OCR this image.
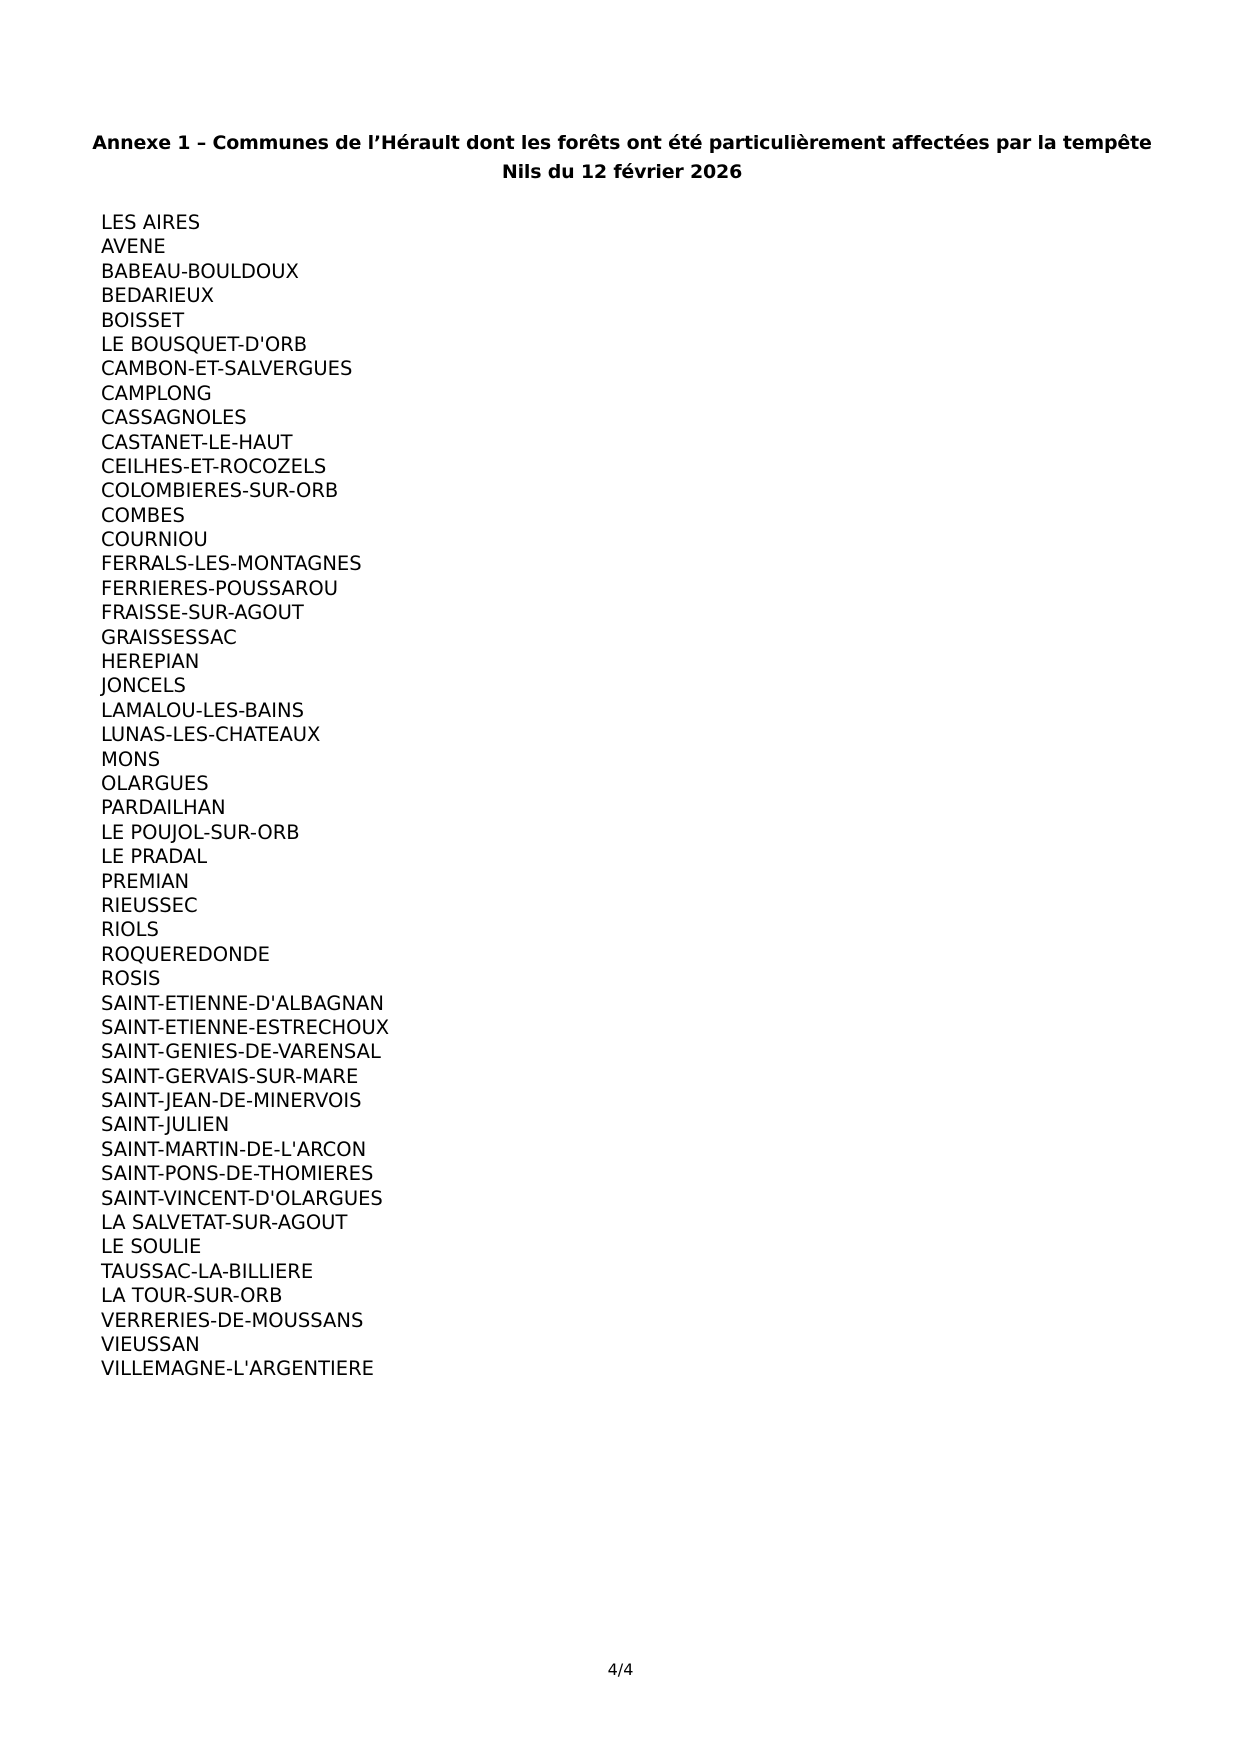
Annexe 1 – Communes de l’Hérault dont les forêts ont été particulièrement affectées par la tempête
Nils du 12 février 2026
LES AIRES
AVENE
BABEAU-BOULDOUX
BEDARIEUX
BOISSET
LE BOUSQUET-D'ORB
CAMBON-ET-SALVERGUES
CAMPLONG
CASSAGNOLES
CASTANET-LE-HAUT
CEILHES-ET-ROCOZELS
COLOMBIERES-SUR-ORB
COMBES
COURNIOU
FERRALS-LES-MONTAGNES
FERRIERES-POUSSAROU
FRAISSE-SUR-AGOUT
GRAISSESSAC
HEREPIAN
JONCELS
LAMALOU-LES-BAINS
LUNAS-LES-CHATEAUX
MONS
OLARGUES
PARDAILHAN
LE POUJOL-SUR-ORB
LE PRADAL
PREMIAN
RIEUSSEC
RIOLS
ROQUEREDONDE
ROSIS
SAINT-ETIENNE-D'ALBAGNAN
SAINT-ETIENNE-ESTRECHOUX
SAINT-GENIES-DE-VARENSAL
SAINT-GERVAIS-SUR-MARE
SAINT-JEAN-DE-MINERVOIS
SAINT-JULIEN
SAINT-MARTIN-DE-L'ARCON
SAINT-PONS-DE-THOMIERES
SAINT-VINCENT-D'OLARGUES
LA SALVETAT-SUR-AGOUT
LE SOULIE
TAUSSAC-LA-BILLIERE
LA TOUR-SUR-ORB
VERRERIES-DE-MOUSSANS
VIEUSSAN
VILLEMAGNE-L'ARGENTIERE
4/4
